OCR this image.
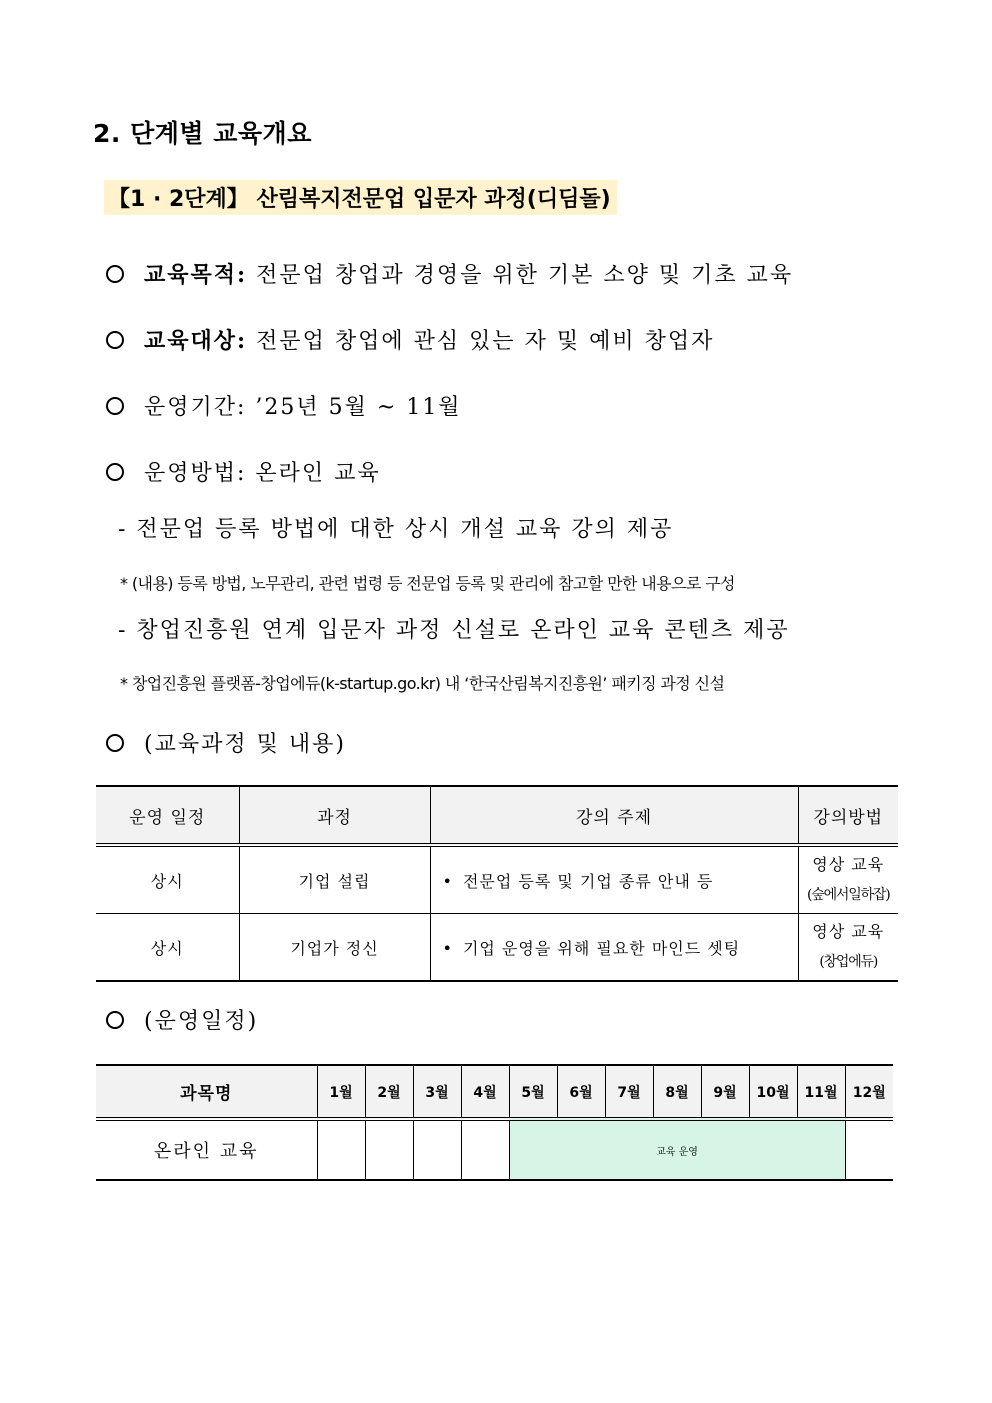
2. 단계별 교육개요
【1 · 2단계】 산림복지전문업 입문자 과정(디딤돌)
교육목적: 전문업 창업과 경영을 위한 기본 소양 및 기초 교육
교육대상: 전문업 창업에 관심 있는 자 및 예비 창업자
운영기간: ’25년 5월 ~ 11월
운영방법: 온라인 교육
- 전문업 등록 방법에 대한 상시 개설 교육 강의 제공
* (내용) 등록 방법, 노무관리, 관련 법령 등 전문업 등록 및 관리에 참고할 만한 내용으로 구성
- 창업진흥원 연계 입문자 과정 신설로 온라인 교육 콘텐츠 제공
* 창업진흥원 플랫폼-창업에듀(k-startup.go.kr) 내 ‘한국산림복지진흥원’ 패키징 과정 신설
(교육과정 및 내용)
운영 일정	과정	강의 주제	강의방법
상시	기업 설립	• 전문업 등록 및 기업 종류 안내 등	영상 교육
(숲에서일하잡)

상시	기업가 정신	• 기업 운영을 위해 필요한 마인드 셋팅	영상 교육
(창업에듀)
(운영일정)
과목명	1월	2월	3월	4월	5월	6월	7월	8월	9월	10월	11월	12월
온라인 교육					교육 운영							
